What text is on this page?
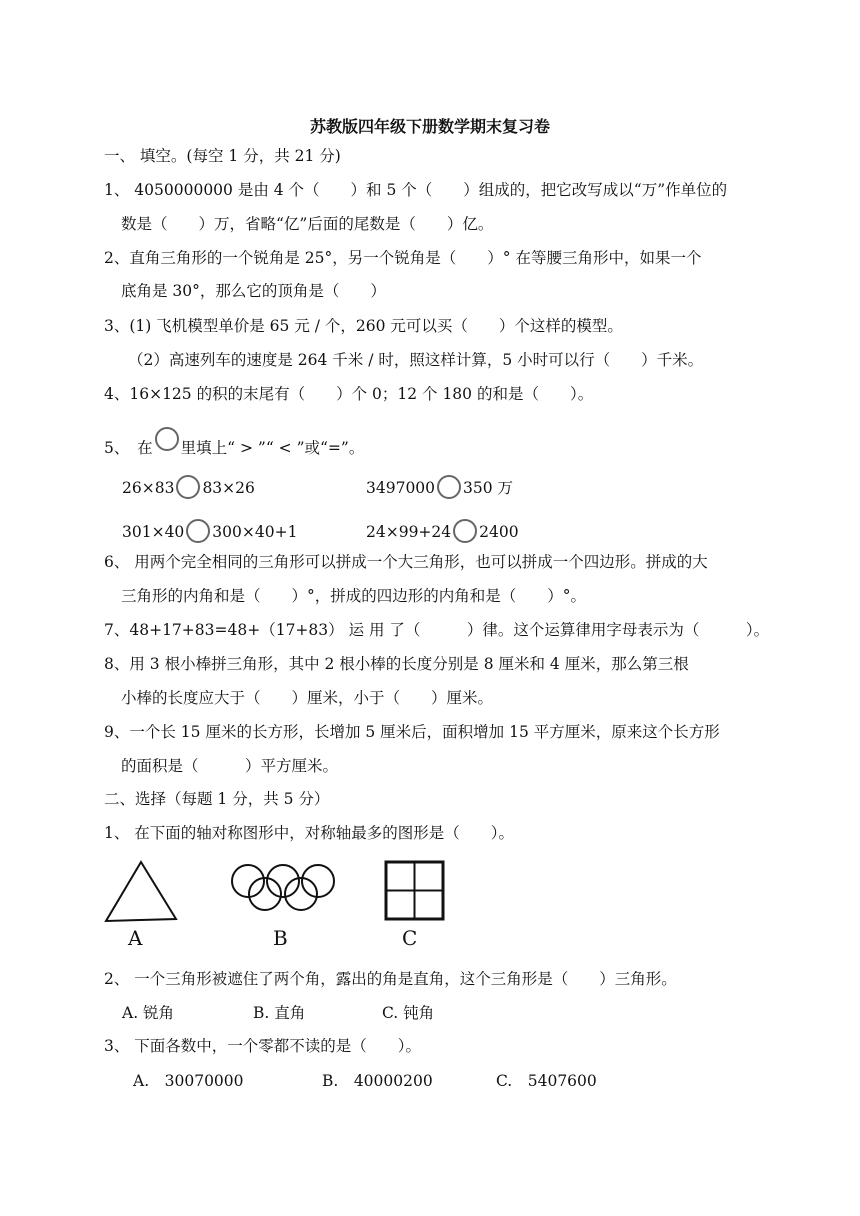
苏教版四年级下册数学期末复习卷
一、 填空。(每空 1 分，共 21 分)
1、 4050000000 是由 4 个（　　）和 5 个（　　）组成的，把它改写成以“万”作单位的
数是（　　）万，省略“亿”后面的尾数是（　　）亿。
2、直角三角形的一个锐角是 25°，另一个锐角是（　　）° 在等腰三角形中，如果一个
底角是 30°，那么它的顶角是（　　）
3、(1) 飞机模型单价是 65 元 / 个，260 元可以买（　　）个这样的模型。
（2）高速列车的速度是 264 千米 / 时，照这样计算，5 小时可以行（　　）千米。
4、16×125 的积的末尾有（　　）个 0；12 个 180 的和是（　　）。
5、　在 里填上“ > ”“ < ”或“=”。
26×83 83×26	3497000 350 万
301×40 300×40+1	24×99+24 2400
6、 用两个完全相同的三角形可以拼成一个大三角形，也可以拼成一个四边形。拼成的大
三角形的内角和是（　　）°，拼成的四边形的内角和是（　　）°。
7、48+17+83=48+（17+83） 运 用 了（　　　）律。这个运算律用字母表示为（　　　）。
8、用 3 根小棒拼三角形，其中 2 根小棒的长度分别是 8 厘米和 4 厘米，那么第三根
小棒的长度应大于（　　）厘米，小于（　　）厘米。
9、一个长 15 厘米的长方形，长增加 5 厘米后，面积增加 15 平方厘米，原来这个长方形
的面积是（　　　）平方厘米。
二、选择（每题 1 分，共 5 分）
1、 在下面的轴对称图形中，对称轴最多的图形是（　　）。
A	B	C
2、 一个三角形被遮住了两个角，露出的角是直角，这个三角形是（　　）三角形。
A. 锐角	B. 直角	C. 钝角
3、 下面各数中，一个零都不读的是（　　）。
A.　30070000	B.　40000200	C.　5407600
